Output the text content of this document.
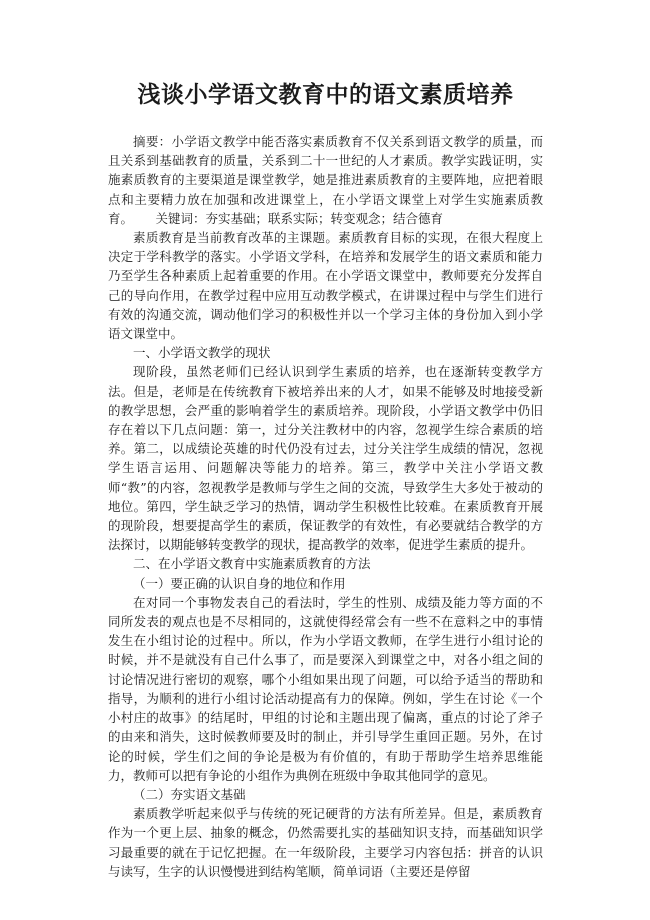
浅谈小学语文教育中的语文素质培养

摘要：小学语文教学中能否落实素质教育不仅关系到语文教学的质量，而且关系到基础教育的质量，关系到二十一世纪的人才素质。教学实践证明，实施素质教育的主要渠道是课堂教学，她是推进素质教育的主要阵地，应把着眼点和主要精力放在加强和改进课堂上，在小学语文课堂上对学生实施素质教育。 关键词：夯实基础；联系实际；转变观念；结合德育

素质教育是当前教育改革的主课题。素质教育目标的实现，在很大程度上决定于学科教学的落实。小学语文学科，在培养和发展学生的语文素质和能力乃至学生各种素质上起着重要的作用。在小学语文课堂中，教师要充分发挥自己的导向作用，在教学过程中应用互动教学模式，在讲课过程中与学生们进行有效的沟通交流，调动他们学习的积极性并以一个学习主体的身份加入到小学语文课堂中。

一、小学语文教学的现状

现阶段，虽然老师们已经认识到学生素质的培养，也在逐渐转变教学方法。但是，老师是在传统教育下被培养出来的人才，如果不能够及时地接受新的教学思想，会严重的影响着学生的素质培养。现阶段，小学语文教学中仍旧存在着以下几点问题：第一，过分关注教材中的内容，忽视学生综合素质的培养。第二，以成绩论英雄的时代仍没有过去，过分关注学生成绩的情况，忽视学生语言运用、问题解决等能力的培养。第三，教学中关注小学语文教师“教”的内容，忽视教学是教师与学生之间的交流，导致学生大多处于被动的地位。第四，学生缺乏学习的热情，调动学生积极性比较难。在素质教育开展的现阶段，想要提高学生的素质，保证教学的有效性，有必要就结合教学的方法探讨，以期能够转变教学的现状，提高教学的效率，促进学生素质的提升。

二、在小学语文教育中实施素质教育的方法

（一）要正确的认识自身的地位和作用

在对同一个事物发表自己的看法时，学生的性别、成绩及能力等方面的不同所发表的观点也是不尽相同的，这就使得经常会有一些不在意料之中的事情发生在小组讨论的过程中。所以，作为小学语文教师，在学生进行小组讨论的时候，并不是就没有自己什么事了，而是要深入到课堂之中，对各小组之间的讨论情况进行密切的观察，哪个小组如果出现了问题，可以给予适当的帮助和指导，为顺利的进行小组讨论活动提高有力的保障。例如，学生在讨论《一个小村庄的故事》的结尾时，甲组的讨论和主题出现了偏离，重点的讨论了斧子的由来和消失，这时候教师要及时的制止，并引导学生重回正题。另外，在讨论的时候，学生们之间的争论是极为有价值的，有助于帮助学生培养思维能力，教师可以把有争论的小组作为典例在班级中争取其他同学的意见。

（二）夯实语文基础

素质教学听起来似乎与传统的死记硬背的方法有所差异。但是，素质教育作为一个更上层、抽象的概念，仍然需要扎实的基础知识支持，而基础知识学习最重要的就在于记忆把握。在一年级阶段，主要学习内容包括：拼音的认识与读写，生字的认识慢慢进到结构笔顺，简单词语（主要还是停留
